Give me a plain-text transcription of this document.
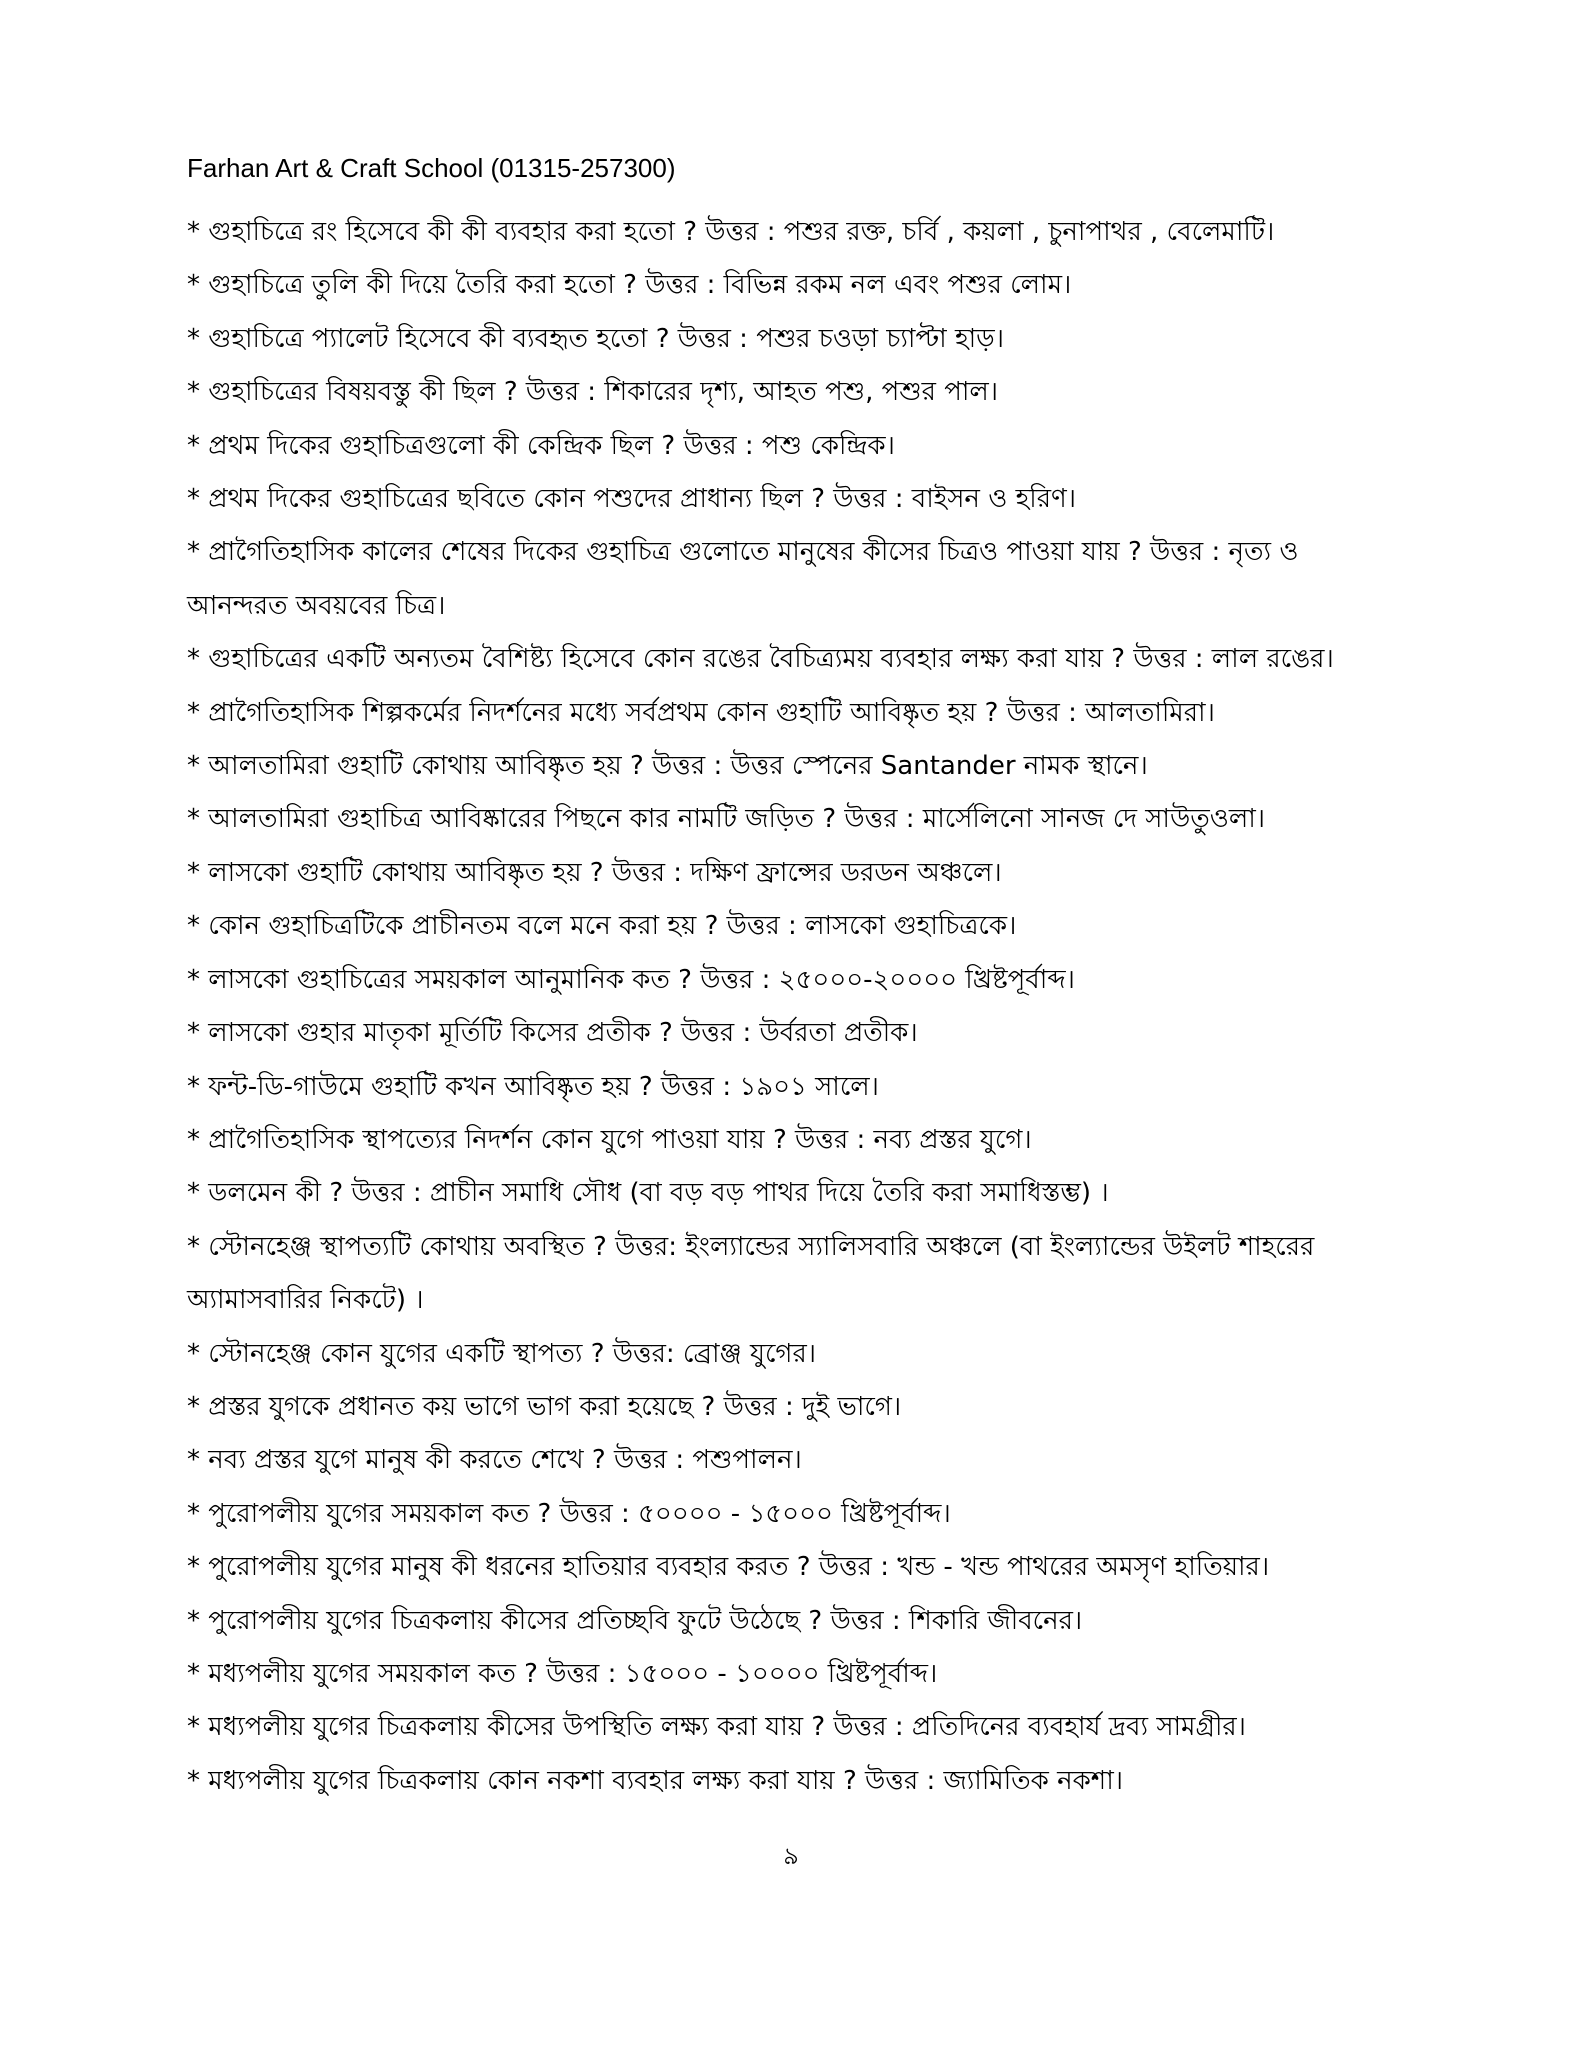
Farhan Art & Craft School (01315-257300)
* গুহাচিত্রে রং হিসেবে কী কী ব্যবহার করা হতো ? উত্তর : পশুর রক্ত, চর্বি , কয়লা , চুনাপাথর , বেলেমাটি।
* গুহাচিত্রে তুলি কী দিয়ে তৈরি করা হতো ? উত্তর : বিভিন্ন রকম নল এবং পশুর লোম।
* গুহাচিত্রে প্যালেট হিসেবে কী ব্যবহৃত হতো ? উত্তর : পশুর চওড়া চ্যাপ্টা হাড়।
* গুহাচিত্রের বিষয়বস্তু কী ছিল ? উত্তর : শিকারের দৃশ্য, আহত পশু, পশুর পাল।
* প্রথম দিকের গুহাচিত্রগুলো কী কেন্দ্রিক ছিল ? উত্তর : পশু কেন্দ্রিক।
* প্রথম দিকের গুহাচিত্রের ছবিতে কোন পশুদের প্রাধান্য ছিল ? উত্তর : বাইসন ও হরিণ।
* প্রাগৈতিহাসিক কালের শেষের দিকের গুহাচিত্র গুলোতে মানুষের কীসের চিত্রও পাওয়া যায় ? উত্তর : নৃত্য ও আনন্দরত অবয়বের চিত্র।
* গুহাচিত্রের একটি অন্যতম বৈশিষ্ট্য হিসেবে কোন রঙের বৈচিত্র্যময় ব্যবহার লক্ষ্য করা যায় ? উত্তর : লাল রঙের।
* প্রাগৈতিহাসিক শিল্পকর্মের নিদর্শনের মধ্যে সর্বপ্রথম কোন গুহাটি আবিষ্কৃত হয় ? উত্তর : আলতামিরা।
* আলতামিরা গুহাটি কোথায় আবিষ্কৃত হয় ? উত্তর : উত্তর স্পেনের Santander নামক স্থানে।
* আলতামিরা গুহাচিত্র আবিষ্কারের পিছনে কার নামটি জড়িত ? উত্তর : মার্সেলিনো সানজ দে সাউতুওলা।
* লাসকো গুহাটি কোথায় আবিষ্কৃত হয় ? উত্তর : দক্ষিণ ফ্রান্সের ডরডন অঞ্চলে।
* কোন গুহাচিত্রটিকে প্রাচীনতম বলে মনে করা হয় ? উত্তর : লাসকো গুহাচিত্রকে।
* লাসকো গুহাচিত্রের সময়কাল আনুমানিক কত ? উত্তর : ২৫০০০-২০০০০ খ্রিষ্টপূর্বাব্দ।
* লাসকো গুহার মাতৃকা মূর্তিটি কিসের প্রতীক ? উত্তর : উর্বরতা প্রতীক।
* ফন্ট-ডি-গাউমে গুহাটি কখন আবিষ্কৃত হয় ? উত্তর : ১৯০১ সালে।
* প্রাগৈতিহাসিক স্থাপত্যের নিদর্শন কোন যুগে পাওয়া যায় ? উত্তর : নব্য প্রস্তর যুগে।
* ডলমেন কী ? উত্তর : প্রাচীন সমাধি সৌধ (বা বড় বড় পাথর দিয়ে তৈরি করা সমাধিস্তম্ভ) ।
* স্টোনহেঞ্জ স্থাপত্যটি কোথায় অবস্থিত ? উত্তর: ইংল্যান্ডের স্যালিসবারি অঞ্চলে (বা ইংল্যান্ডের উইলট শাহরের অ্যামাসবারির নিকটে) ।
* স্টোনহেঞ্জ কোন যুগের একটি স্থাপত্য ? উত্তর: ব্রোঞ্জ যুগের।
* প্রস্তর যুগকে প্রধানত কয় ভাগে ভাগ করা হয়েছে ? উত্তর : দুই ভাগে।
* নব্য প্রস্তর যুগে মানুষ কী করতে শেখে ? উত্তর : পশুপালন।
* পুরোপলীয় যুগের সময়কাল কত ? উত্তর : ৫০০০০ - ১৫০০০ খ্রিষ্টপূর্বাব্দ।
* পুরোপলীয় যুগের মানুষ কী ধরনের হাতিয়ার ব্যবহার করত ? উত্তর : খন্ড - খন্ড পাথরের অমসৃণ হাতিয়ার।
* পুরোপলীয় যুগের চিত্রকলায় কীসের প্রতিচ্ছবি ফুটে উঠেছে ? উত্তর : শিকারি জীবনের।
* মধ্যপলীয় যুগের সময়কাল কত ? উত্তর : ১৫০০০ - ১০০০০ খ্রিষ্টপূর্বাব্দ।
* মধ্যপলীয় যুগের চিত্রকলায় কীসের উপস্থিতি লক্ষ্য করা যায় ? উত্তর : প্রতিদিনের ব্যবহার্য দ্রব্য সামগ্রীর।
* মধ্যপলীয় যুগের চিত্রকলায় কোন নকশা ব্যবহার লক্ষ্য করা যায় ? উত্তর : জ্যামিতিক নকশা।
৯
